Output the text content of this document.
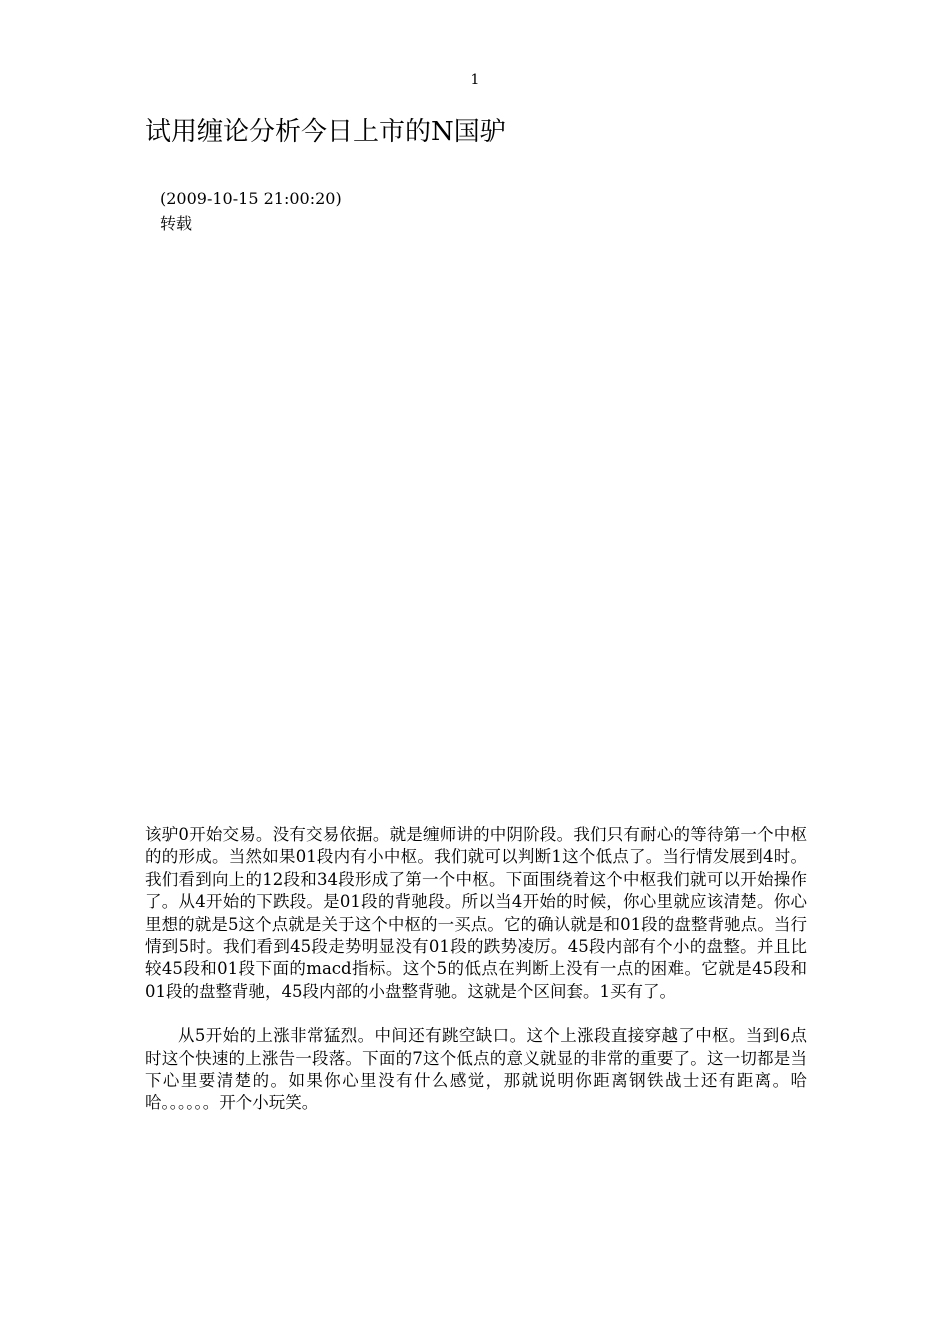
1
试用缠论分析今日上市的N国驴
(2009-10-15 21:00:20)
转载

该驴0开始交易。没有交易依据。就是缠师讲的中阴阶段。我们只有耐心的等待第一个中枢的的形成。当然如果01段内有小中枢。我们就可以判断1这个低点了。当行情发展到4时。我们看到向上的12段和34段形成了第一个中枢。下面围绕着这个中枢我们就可以开始操作了。从4开始的下跌段。是01段的背驰段。所以当4开始的时候，你心里就应该清楚。你心里想的就是5这个点就是关于这个中枢的一买点。它的确认就是和01段的盘整背驰点。当行情到5时。我们看到45段走势明显没有01段的跌势凌厉。45段内部有个小的盘整。并且比较45段和01段下面的macd指标。这个5的低点在判断上没有一点的困难。它就是45段和01段的盘整背驰，45段内部的小盘整背驰。这就是个区间套。1买有了。

从5开始的上涨非常猛烈。中间还有跳空缺口。这个上涨段直接穿越了中枢。当到6点时这个快速的上涨告一段落。下面的7这个低点的意义就显的非常的重要了。这一切都是当下心里要清楚的。如果你心里没有什么感觉，那就说明你距离钢铁战士还有距离。哈哈。。。。。。开个小玩笑。
